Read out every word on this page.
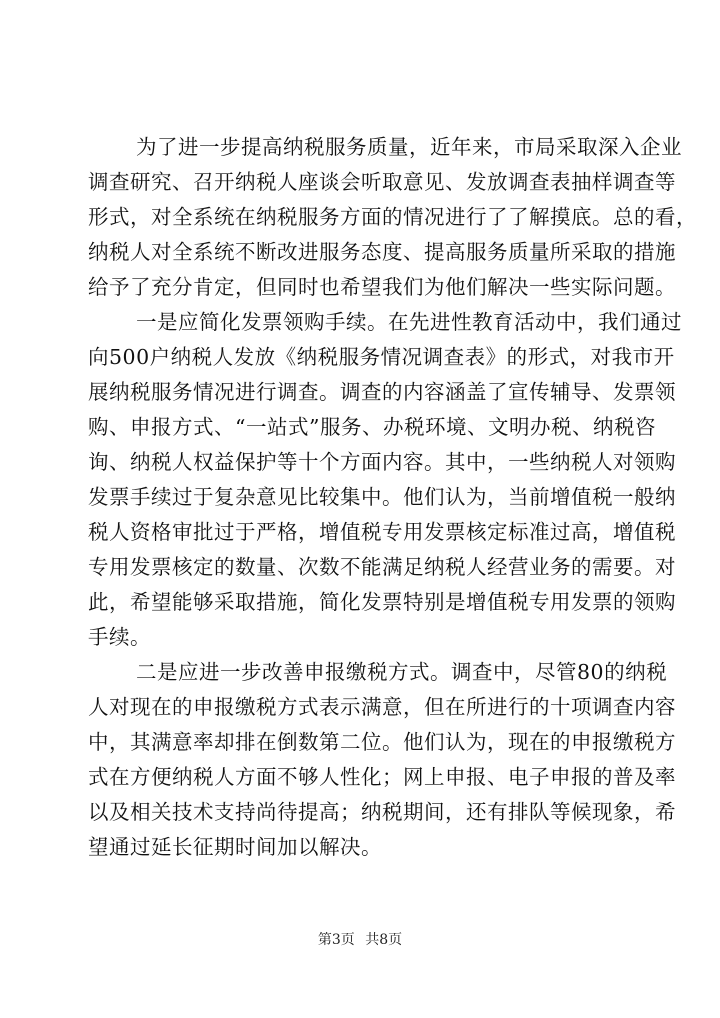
为了进一步提高纳税服务质量，近年来，市局采取深入企业
调查研究、召开纳税人座谈会听取意见、发放调查表抽样调查等
形式，对全系统在纳税服务方面的情况进行了了解摸底。总的看，
纳税人对全系统不断改进服务态度、提高服务质量所采取的措施
给予了充分肯定，但同时也希望我们为他们解决一些实际问题。
一是应简化发票领购手续。在先进性教育活动中，我们通过
向500户纳税人发放《纳税服务情况调查表》的形式，对我市开
展纳税服务情况进行调查。调查的内容涵盖了宣传辅导、发票领
购、申报方式、“一站式”服务、办税环境、文明办税、纳税咨
询、纳税人权益保护等十个方面内容。其中，一些纳税人对领购
发票手续过于复杂意见比较集中。他们认为，当前增值税一般纳
税人资格审批过于严格，增值税专用发票核定标准过高，增值税
专用发票核定的数量、次数不能满足纳税人经营业务的需要。对
此，希望能够采取措施，简化发票特别是增值税专用发票的领购
手续。
二是应进一步改善申报缴税方式。调查中，尽管80的纳税
人对现在的申报缴税方式表示满意，但在所进行的十项调查内容
中，其满意率却排在倒数第二位。他们认为，现在的申报缴税方
式在方便纳税人方面不够人性化；网上申报、电子申报的普及率
以及相关技术支持尚待提高；纳税期间，还有排队等候现象，希
望通过延长征期时间加以解决。
第3页 共8页
